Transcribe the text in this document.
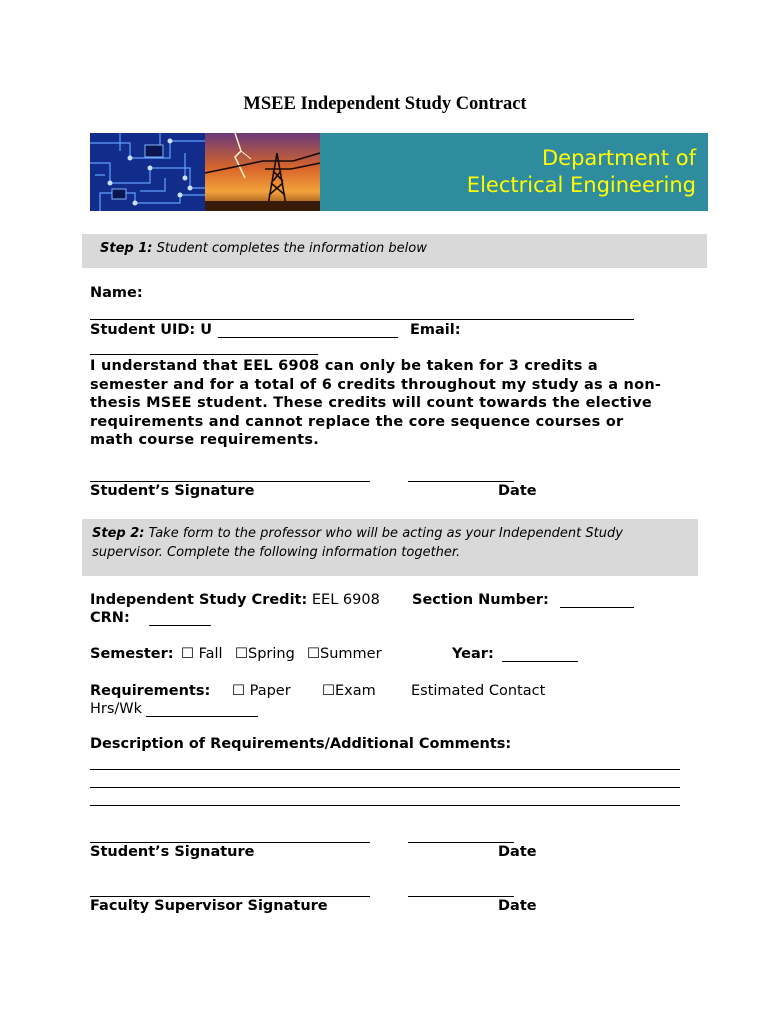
MSEE Independent Study Contract
Department of
Electrical Engineering
Step 1: Student completes the information below
Name:
Student UID: U	Email:
I understand that EEL 6908 can only be taken for 3 credits a
semester and for a total of 6 credits throughout my study as a non-
thesis MSEE student. These credits will count towards the elective
requirements and cannot replace the core sequence courses or
math course requirements.
Student’s Signature	Date
Step 2: Take form to the professor who will be acting as your Independent Study
supervisor. Complete the following information together.
Independent Study Credit: EEL 6908 Section Number:
CRN:
Semester: ☐ Fall ☐Spring ☐Summer	Year:
Requirements: ☐ Paper ☐Exam Estimated Contact
Hrs/Wk
Description of Requirements/Additional Comments:
Student’s Signature	Date
Faculty Supervisor Signature	Date
